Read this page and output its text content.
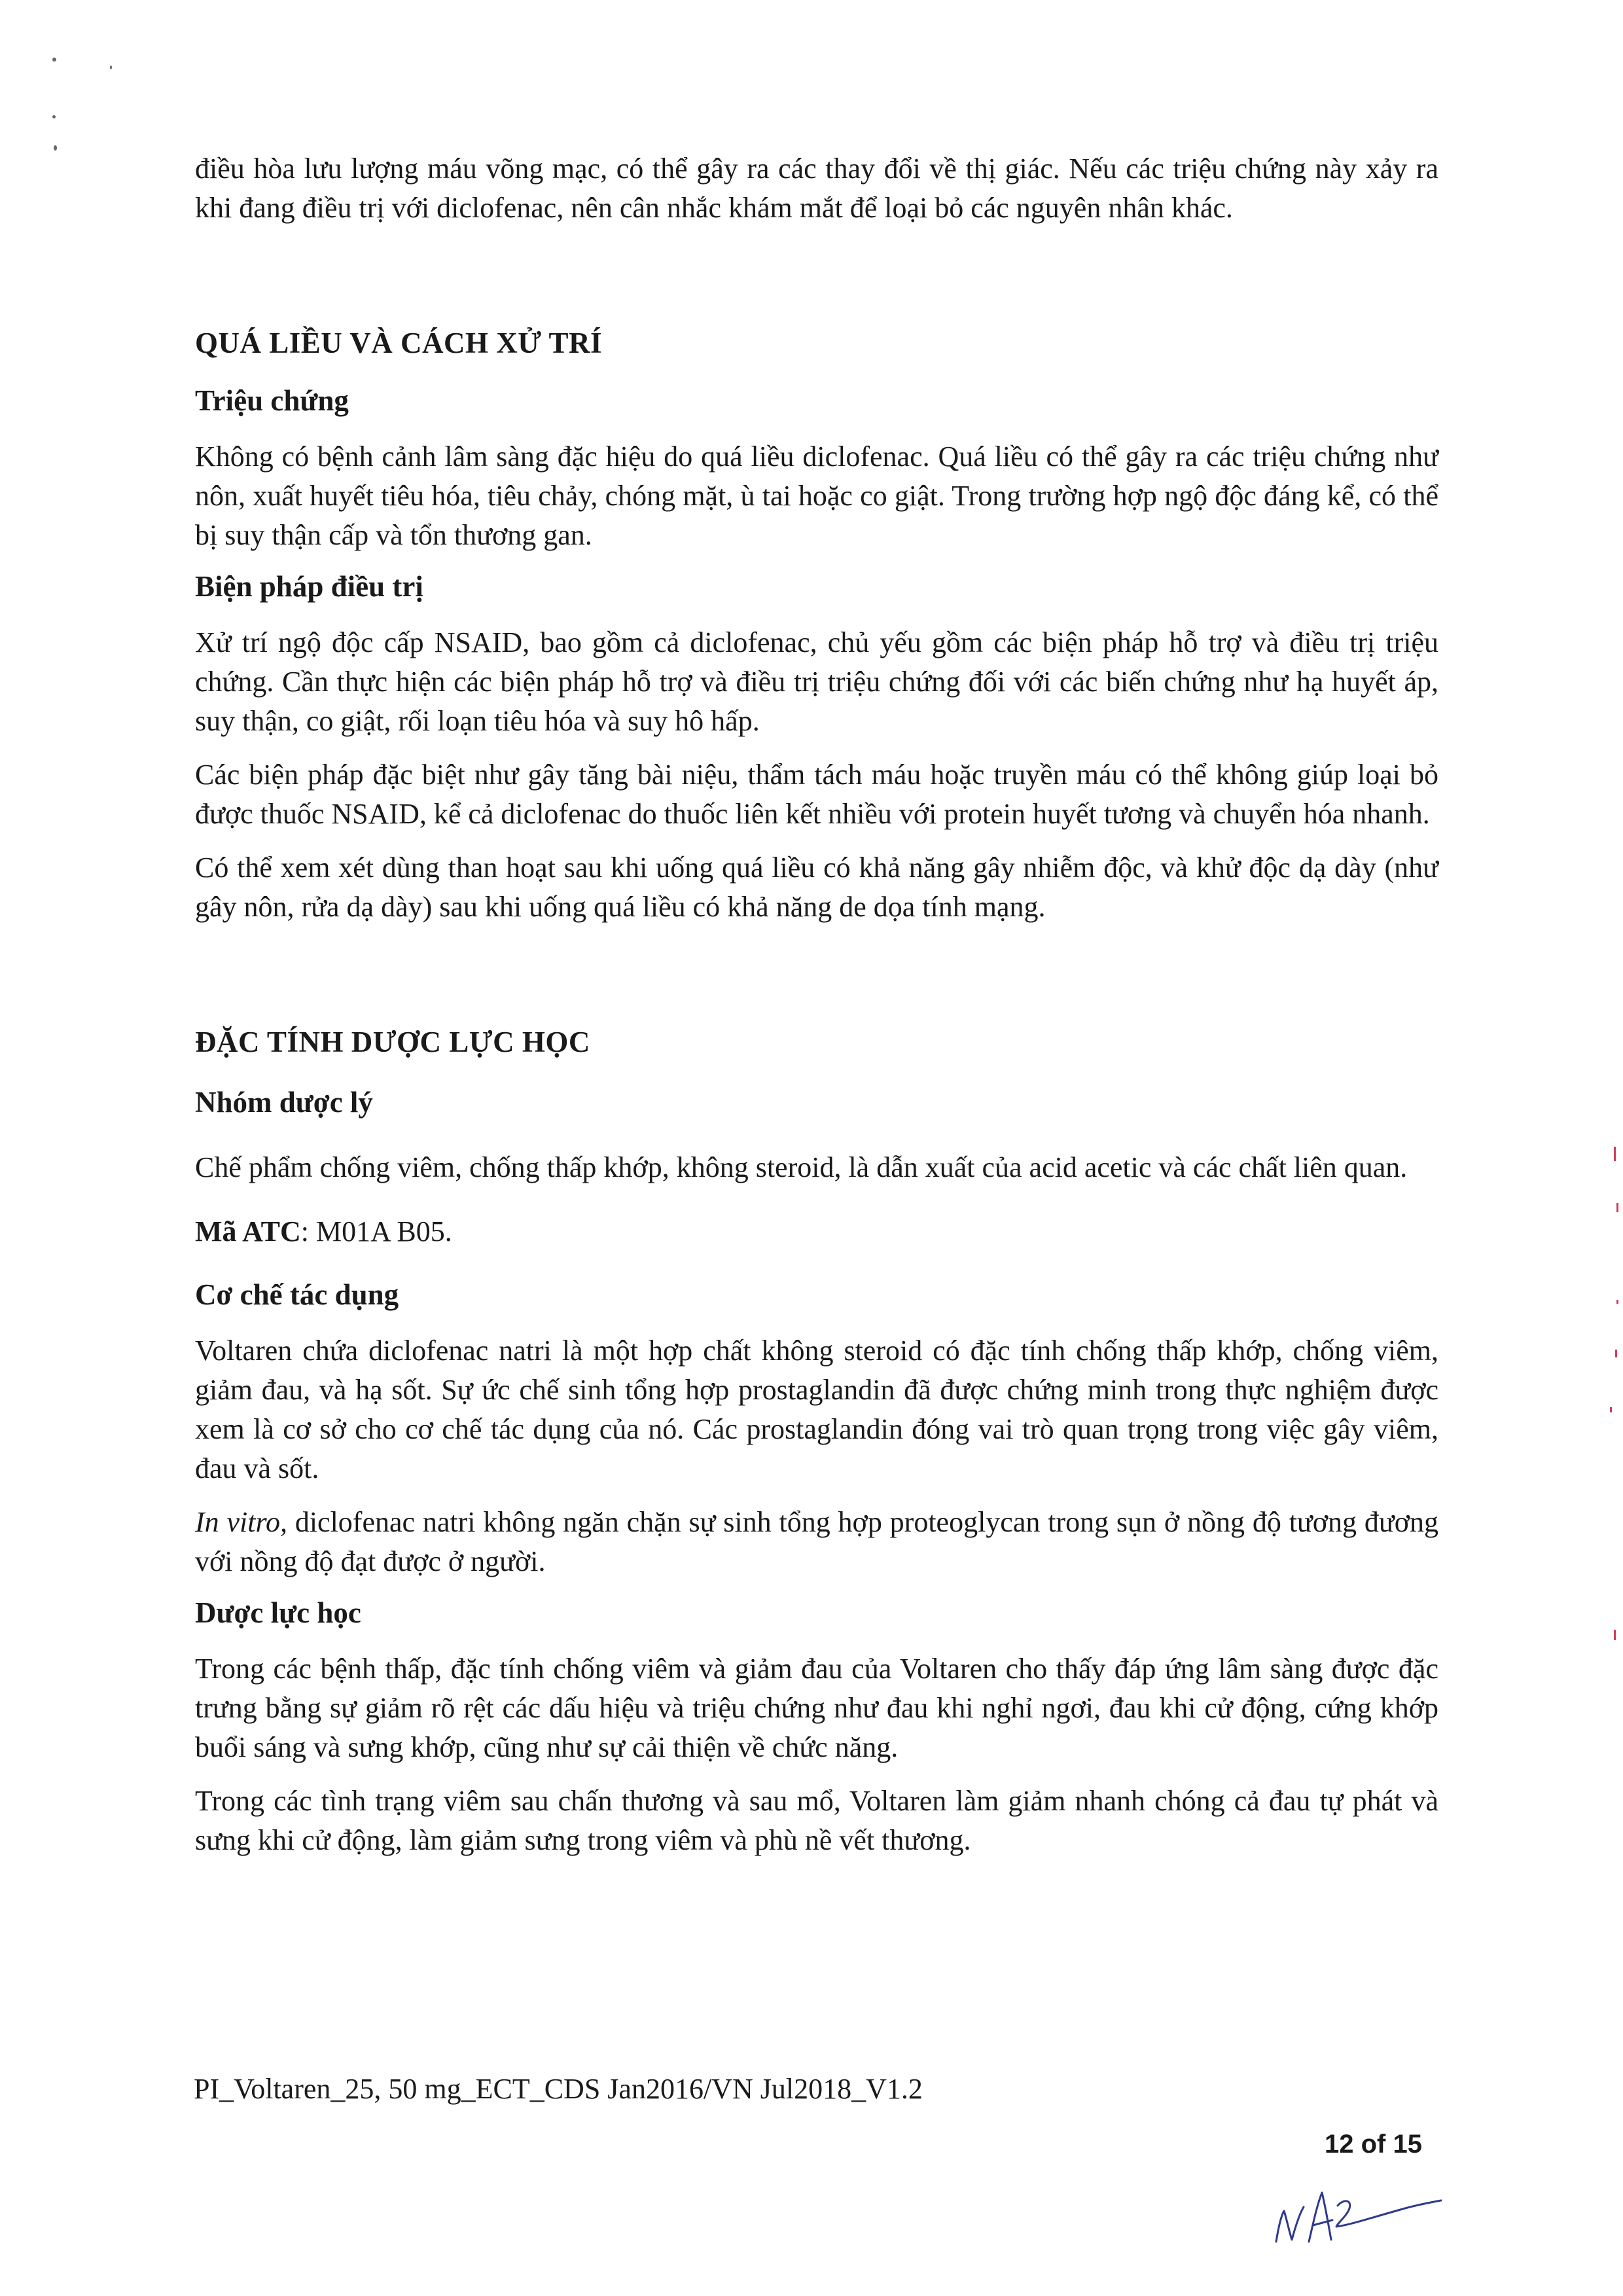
điều hòa lưu lượng máu võng mạc, có thể gây ra các thay đổi về thị giác. Nếu các triệu chứng này xảy ra khi đang điều trị với diclofenac, nên cân nhắc khám mắt để loại bỏ các nguyên nhân khác.

QUÁ LIỀU VÀ CÁCH XỬ TRÍ
Triệu chứng

Không có bệnh cảnh lâm sàng đặc hiệu do quá liều diclofenac. Quá liều có thể gây ra các triệu chứng như nôn, xuất huyết tiêu hóa, tiêu chảy, chóng mặt, ù tai hoặc co giật. Trong trường hợp ngộ độc đáng kể, có thể bị suy thận cấp và tổn thương gan.

Biện pháp điều trị

Xử trí ngộ độc cấp NSAID, bao gồm cả diclofenac, chủ yếu gồm các biện pháp hỗ trợ và điều trị triệu chứng. Cần thực hiện các biện pháp hỗ trợ và điều trị triệu chứng đối với các biến chứng như hạ huyết áp, suy thận, co giật, rối loạn tiêu hóa và suy hô hấp.

Các biện pháp đặc biệt như gây tăng bài niệu, thẩm tách máu hoặc truyền máu có thể không giúp loại bỏ được thuốc NSAID, kể cả diclofenac do thuốc liên kết nhiều với protein huyết tương và chuyển hóa nhanh.

Có thể xem xét dùng than hoạt sau khi uống quá liều có khả năng gây nhiễm độc, và khử độc dạ dày (như gây nôn, rửa dạ dày) sau khi uống quá liều có khả năng de dọa tính mạng.

ĐẶC TÍNH DƯỢC LỰC HỌC
Nhóm dược lý

Chế phẩm chống viêm, chống thấp khớp, không steroid, là dẫn xuất của acid acetic và các chất liên quan.

Mã ATC: M01A B05.
Cơ chế tác dụng

Voltaren chứa diclofenac natri là một hợp chất không steroid có đặc tính chống thấp khớp, chống viêm, giảm đau, và hạ sốt. Sự ức chế sinh tổng hợp prostaglandin đã được chứng minh trong thực nghiệm được xem là cơ sở cho cơ chế tác dụng của nó. Các prostaglandin đóng vai trò quan trọng trong việc gây viêm, đau và sốt.

In vitro, diclofenac natri không ngăn chặn sự sinh tổng hợp proteoglycan trong sụn ở nồng độ tương đương với nồng độ đạt được ở người.

Dược lực học

Trong các bệnh thấp, đặc tính chống viêm và giảm đau của Voltaren cho thấy đáp ứng lâm sàng được đặc trưng bằng sự giảm rõ rệt các dấu hiệu và triệu chứng như đau khi nghỉ ngơi, đau khi cử động, cứng khớp buổi sáng và sưng khớp, cũng như sự cải thiện về chức năng.

Trong các tình trạng viêm sau chấn thương và sau mổ, Voltaren làm giảm nhanh chóng cả đau tự phát và sưng khi cử động, làm giảm sưng trong viêm và phù nề vết thương.

PI_Voltaren_25, 50 mg_ECT_CDS Jan2016/VN Jul2018_V1.2
12 of 15
